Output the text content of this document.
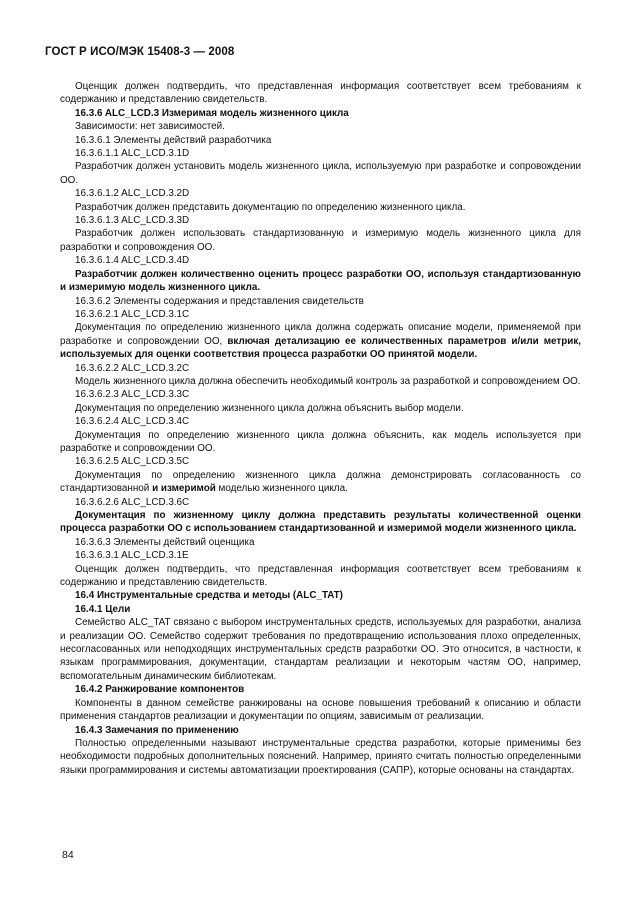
ГОСТ Р ИСО/МЭК 15408-3 — 2008

Оценщик должен подтвердить, что представленная информация соответствует всем требованиям к содержанию и представлению свидетельств.

16.3.6 ALC_LCD.3 Измеримая модель жизненного цикла

Зависимости: нет зависимостей.

16.3.6.1 Элементы действий разработчика

16.3.6.1.1 ALC_LCD.3.1D

Разработчик должен установить модель жизненного цикла, используемую при разработке и сопровождении ОО.

16.3.6.1.2 ALC_LCD.3.2D

Разработчик должен представить документацию по определению жизненного цикла.

16.3.6.1.3 ALC_LCD.3.3D

Разработчик должен использовать стандартизованную и измеримую модель жизненного цикла для разработки и сопровождения ОО.

16.3.6.1.4 ALC_LCD.3.4D

Разработчик должен количественно оценить процесс разработки ОО, используя стандартизованную и измеримую модель жизненного цикла.

16.3.6.2 Элементы содержания и представления свидетельств

16.3.6.2.1 ALC_LCD.3.1C

Документация по определению жизненного цикла должна содержать описание модели, применяемой при разработке и сопровождении ОО, включая детализацию ее количественных параметров и/или метрик, используемых для оценки соответствия процесса разработки ОО принятой модели.

16.3.6.2.2 ALC_LCD.3.2C

Модель жизненного цикла должна обеспечить необходимый контроль за разработкой и сопровождением ОО.

16.3.6.2.3 ALC_LCD.3.3C

Документация по определению жизненного цикла должна объяснить выбор модели.

16.3.6.2.4 ALC_LCD.3.4C

Документация по определению жизненного цикла должна объяснить, как модель используется при разработке и сопровождении ОО.

16.3.6.2.5 ALC_LCD.3.5C

Документация по определению жизненного цикла должна демонстрировать согласованность со стандартизованной и измеримой моделью жизненного цикла.

16.3.6.2.6 ALC_LCD.3.6C

Документация по жизненному циклу должна представить результаты количественной оценки процесса разработки ОО с использованием стандартизованной и измеримой модели жизненного цикла.

16.3.6.3 Элементы действий оценщика

16.3.6.3.1 ALC_LCD.3.1E

Оценщик должен подтвердить, что представленная информация соответствует всем требованиям к содержанию и представлению свидетельств.

16.4 Инструментальные средства и методы (ALC_TAT)

16.4.1 Цели

Семейство ALC_TAT связано с выбором инструментальных средств, используемых для разработки, анализа и реализации ОО. Семейство содержит требования по предотвращению использования плохо определенных, несогласованных или неподходящих инструментальных средств разработки ОО. Это относится, в частности, к языкам программирования, документации, стандартам реализации и некоторым частям ОО, например, вспомогательным динамическим библиотекам.

16.4.2 Ранжирование компонентов

Компоненты в данном семействе ранжированы на основе повышения требований к описанию и области применения стандартов реализации и документации по опциям, зависимым от реализации.

16.4.3 Замечания по применению

Полностью определенными называют инструментальные средства разработки, которые применимы без необходимости подробных дополнительных пояснений. Например, принято считать полностью определенными языки программирования и системы автоматизации проектирования (САПР), которые основаны на стандартах.

84
